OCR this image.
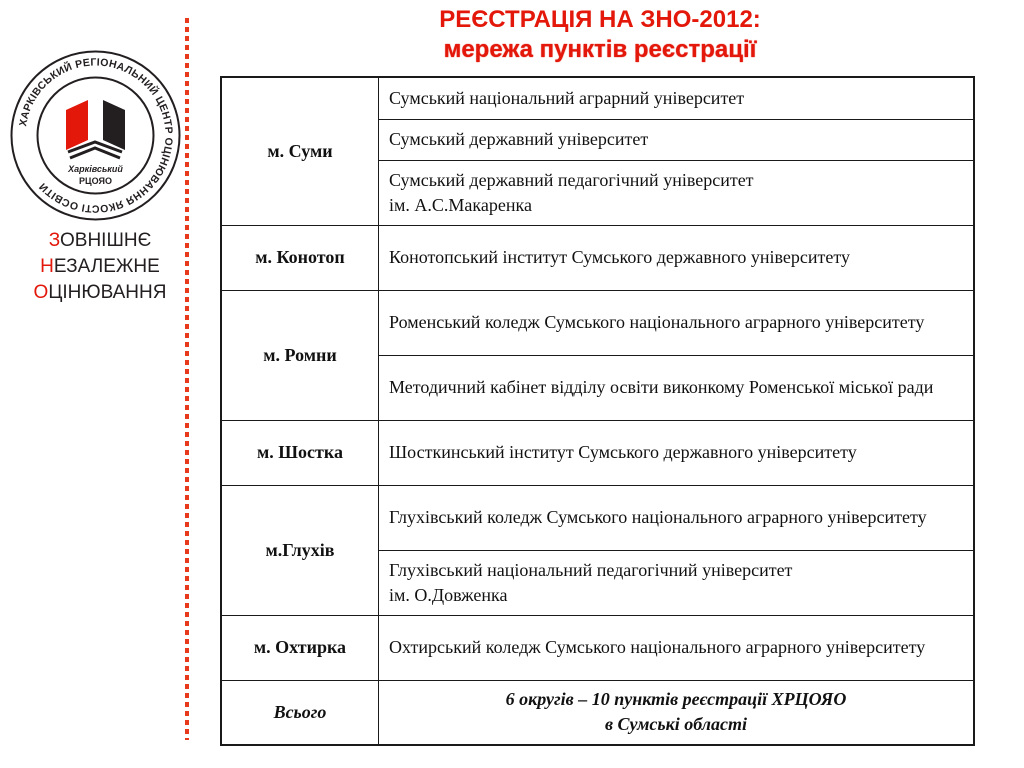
РЕЄСТРАЦІЯ НА ЗНО-2012:
мережа пунктів реєстрації
ХАРКІВСЬКИЙ РЕГІОНАЛЬНИЙ ЦЕНТР ОЦІНЮВАННЯ ЯКОСТІ ОСВІТИ
Харківський
РЦОЯО
ЗОВНІШНЄ
НЕЗАЛЕЖНЕ
ОЦІНЮВАННЯ
м. Суми	Сумський національний аграрний університет
	Сумський державний університет
	Сумський державний педагогічний університет
ім. А.С.Макаренка
м. Конотоп	Конотопський інститут Сумського державного університету
м. Ромни	Роменський коледж Сумського національного аграрного університету
	Методичний кабінет відділу освіти виконкому Роменської міської ради
м. Шостка	Шосткинський інститут Сумського державного університету
м.Глухів	Глухівський коледж Сумського національного аграрного університету
	Глухівський національний педагогічний університет
ім. О.Довженка
м. Охтирка	Охтирський коледж Сумського національного аграрного університету
Всього	6 округів – 10 пунктів реєстрації ХРЦОЯО
в Сумські області
